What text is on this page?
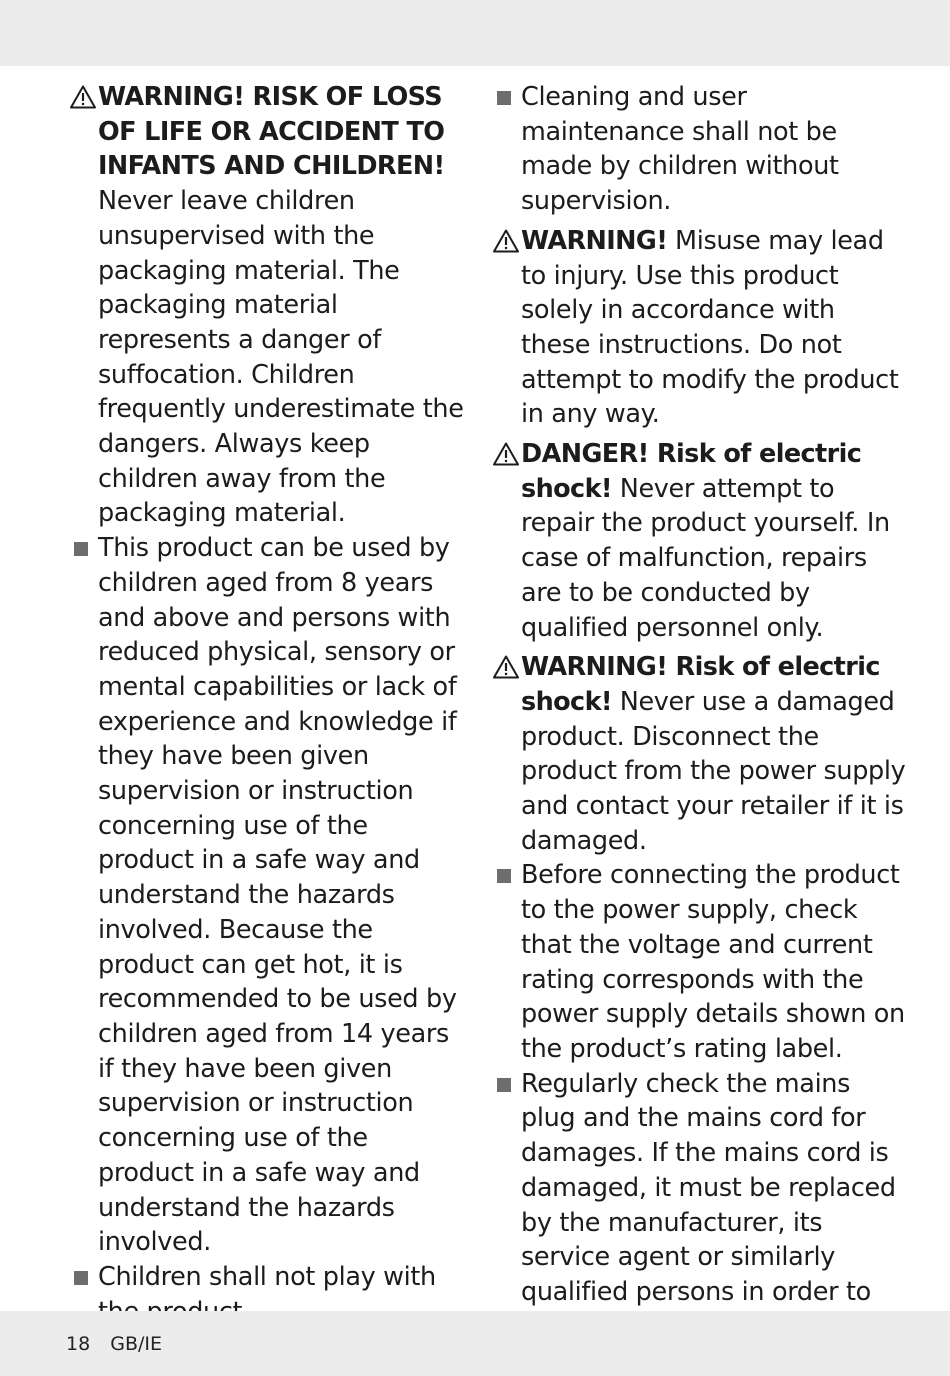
WARNING! RISK OF LOSS OF LIFE OR ACCIDENT TO INFANTS AND CHILDREN! Never leave children unsupervised with the packaging material. The packaging material represents a danger of suffocation. Children frequently underestimate the dangers. Always keep children away from the packaging material.
This product can be used by children aged from 8 years and above and persons with reduced physical, sensory or mental capabilities or lack of experience and knowledge if they have been given supervision or instruction concerning use of the product in a safe way and understand the hazards involved. Because the product can get hot, it is recommended to be used by children aged from 14 years if they have been given supervision or instruction concerning use of the product in a safe way and understand the hazards involved.
Children shall not play with
Cleaning and user maintenance shall not be made by children without supervision.
WARNING! Misuse may lead to injury. Use this product solely in accordance with these instructions. Do not attempt to modify the product in any way.
DANGER! Risk of electric shock! Never attempt to repair the product yourself. In case of malfunction, repairs are to be conducted by qualified personnel only.
WARNING! Risk of electric shock! Never use a damaged product. Disconnect the product from the power supply and contact your retailer if it is damaged.
Before connecting the product to the power supply, check that the voltage and current rating corresponds with the power supply details shown on the product’s rating label.
Regularly check the mains plug and the mains cord for damages. If the mains cord is damaged, it must be replaced by the manufacturer, its service agent or similarly qualified persons in order to
18 GB/IE
